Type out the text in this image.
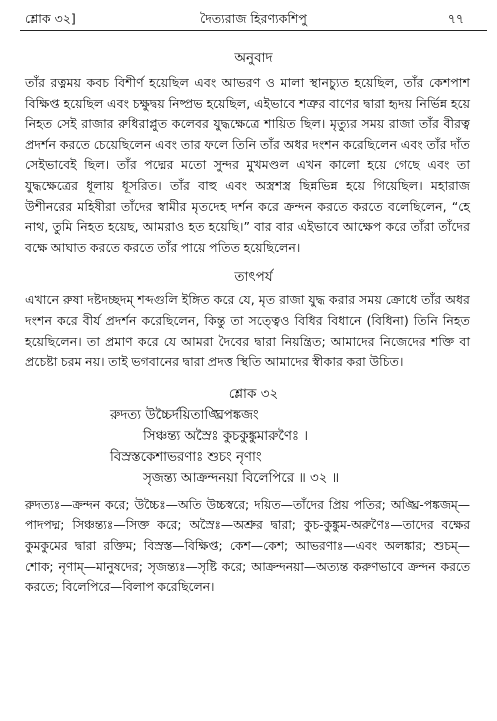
শ্লোক ৩২]	দৈত্যরাজ হিরণ্যকশিপু	৭৭
অনুবাদ

তাঁর রত্নময় কবচ বিশীর্ণ হয়েছিল এবং আভরণ ও মালা স্থানচ্যুত হয়েছিল, তাঁর কেশপাশ বিক্ষিপ্ত হয়েছিল এবং চক্ষুদ্বয় নিষ্প্রভ হয়েছিল, এইভাবে শত্রুর বাণের দ্বারা হৃদয় নির্ভিন্ন হয়ে নিহত সেই রাজার রুধিরাপ্লুত কলেবর যুদ্ধক্ষেত্রে শায়িত ছিল। মৃত্যুর সময় রাজা তাঁর বীরত্ব প্রদর্শন করতে চেয়েছিলেন এবং তার ফলে তিনি তাঁর অধর দংশন করেছিলেন এবং তাঁর দাঁত সেইভাবেই ছিল। তাঁর পদ্মের মতো সুন্দর মুখমণ্ডল এখন কালো হয়ে গেছে এবং তা যুদ্ধক্ষেত্রের ধূলায় ধূসরিত। তাঁর বাহু এবং অস্ত্রশস্ত্র ছিন্নভিন্ন হয়ে গিয়েছিল। মহারাজ উশীনরের মহিষীরা তাঁদের স্বামীর মৃতদেহ দর্শন করে ক্রন্দন করতে করতে বলেছিলেন, “হে নাথ, তুমি নিহত হয়েছ, আমরাও হত হয়েছি।” বার বার এইভাবে আক্ষেপ করে তাঁরা তাঁদের বক্ষে আঘাত করতে করতে তাঁর পায়ে পতিত হয়েছিলেন।

তাৎপর্য

এখানে রুষা দষ্টদচ্ছদম্ শব্দগুলি ইঙ্গিত করে যে, মৃত রাজা যুদ্ধ করার সময় ক্রোধে তাঁর অধর দংশন করে বীর্য প্রদর্শন করেছিলেন, কিন্তু তা সত্ত্বেও বিধির বিধানে (বিধিনা) তিনি নিহত হয়েছিলেন। তা প্রমাণ করে যে আমরা দৈবের দ্বারা নিয়ন্ত্রিত; আমাদের নিজেদের শক্তি বা প্রচেষ্টা চরম নয়। তাই ভগবানের দ্বারা প্রদত্ত স্থিতি আমাদের স্বীকার করা উচিত।

শ্লোক ৩২
রুদত্য উচ্চৈর্দয়িতাঙ্ঘ্রিপঙ্কজং
সিঞ্চন্ত্য অস্রৈঃ কুচকুঙ্কুমারুণৈঃ ।
বিস্রস্তকেশাভরণাঃ শুচং নৃণাং
সৃজন্ত্য আক্রন্দনয়া বিলেপিরে ॥ ৩২ ॥

রুদত্যঃ—ক্রন্দন করে; উচ্চৈঃ—অতি উচ্চস্বরে; দয়িত—তাঁদের প্রিয় পতির; অঙ্ঘ্রি-পঙ্কজম্—পাদপদ্ম; সিঞ্চন্ত্যঃ—সিক্ত করে; অস্রৈঃ—অশ্রুর দ্বারা; কুচ-কুঙ্কুম-অরুণৈঃ—তাদের বক্ষের কুমকুমের দ্বারা রক্তিম; বিস্রস্ত—বিক্ষিপ্ত; কেশ—কেশ; আভরণাঃ—এবং অলঙ্কার; শুচম্—শোক; নৃণাম্—মানুষদের; সৃজন্ত্যঃ—সৃষ্টি করে; আক্রন্দনয়া—অত্যন্ত করুণভাবে ক্রন্দন করতে করতে; বিলেপিরে—বিলাপ করেছিলেন।
